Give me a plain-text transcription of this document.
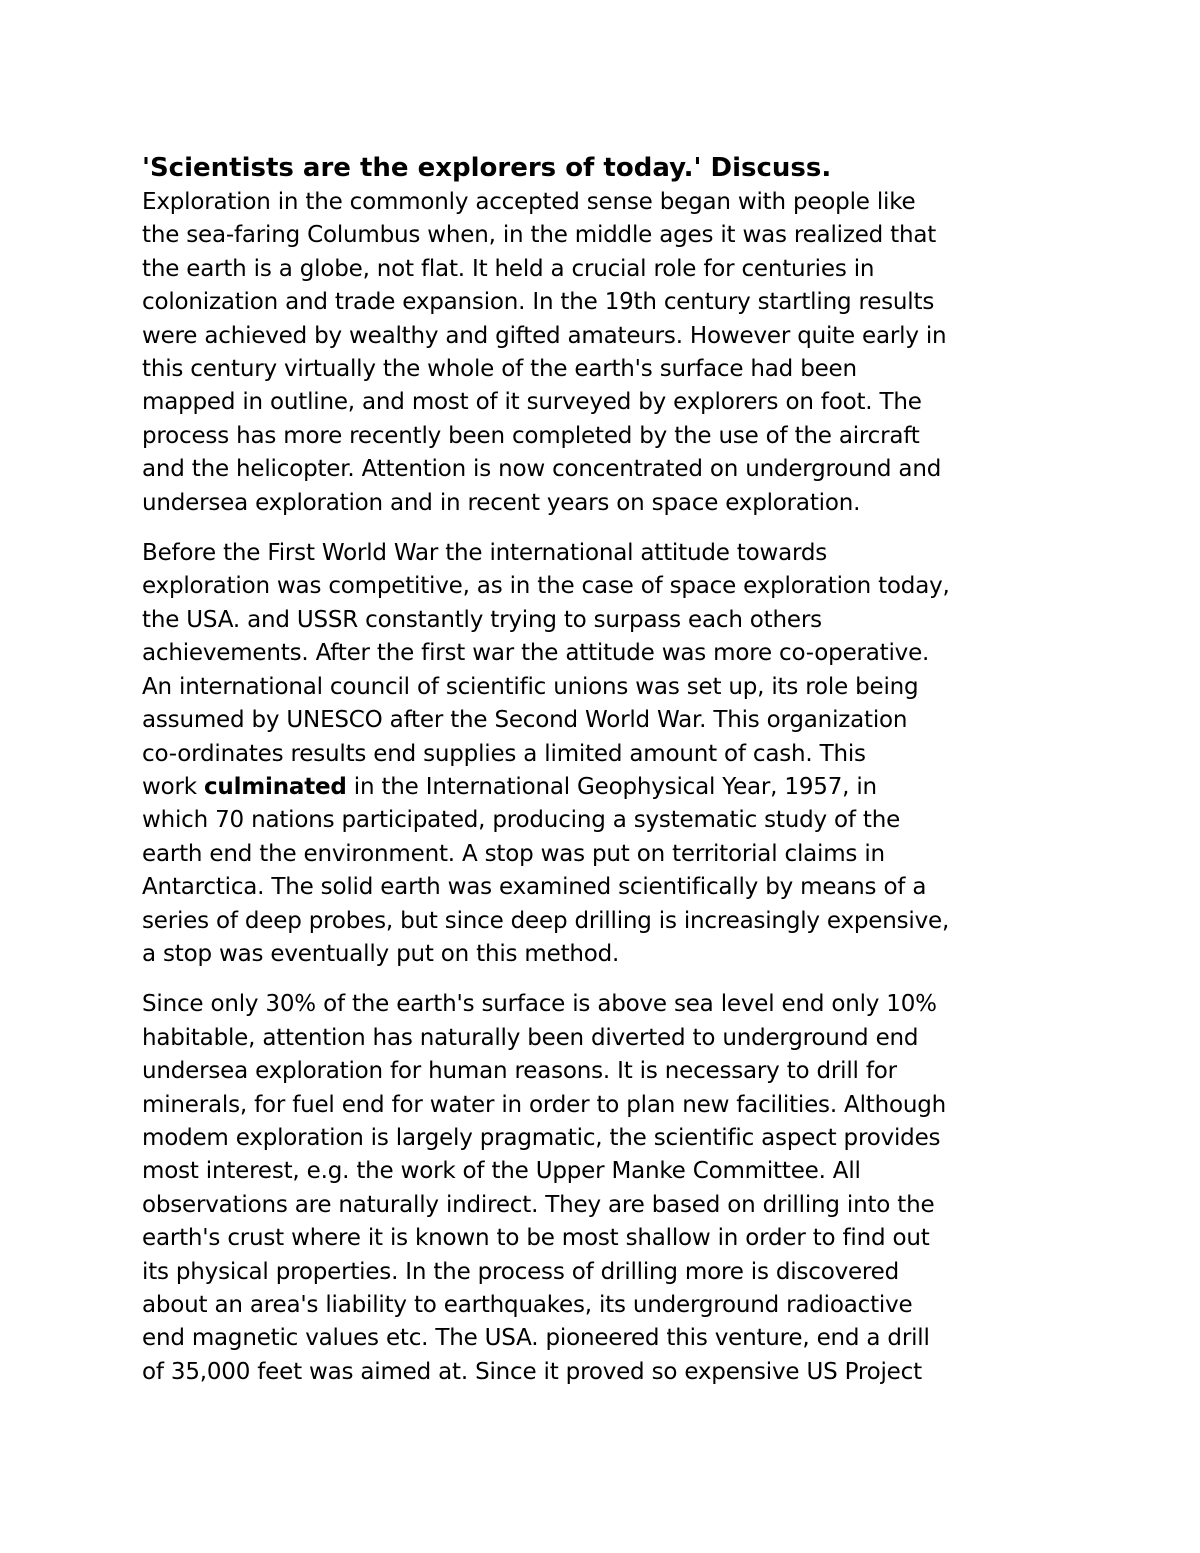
'Scientists are the explorers of today.' Discuss.
Exploration in the commonly accepted sense began with people like
the sea-faring Columbus when, in the middle ages it was realized that
the earth is a globe, not flat. It held a crucial role for centuries in
colonization and trade expansion. In the 19th century startling results
were achieved by wealthy and gifted amateurs. However quite early in
this century virtually the whole of the earth's surface had been
mapped in outline, and most of it surveyed by explorers on foot. The
process has more recently been completed by the use of the aircraft
and the helicopter. Attention is now concentrated on underground and
undersea exploration and in recent years on space exploration.
Before the First World War the international attitude towards
exploration was competitive, as in the case of space exploration today,
the USA. and USSR constantly trying to surpass each others
achievements. After the first war the attitude was more co-operative.
An international council of scientific unions was set up, its role being
assumed by UNESCO after the Second World War. This organization
co-ordinates results end supplies a limited amount of cash. This
work culminated in the International Geophysical Year, 1957, in
which 70 nations participated, producing a systematic study of the
earth end the environment. A stop was put on territorial claims in
Antarctica. The solid earth was examined scientifically by means of a
series of deep probes, but since deep drilling is increasingly expensive,
a stop was eventually put on this method.
Since only 30% of the earth's surface is above sea level end only 10%
habitable, attention has naturally been diverted to underground end
undersea exploration for human reasons. It is necessary to drill for
minerals, for fuel end for water in order to plan new facilities. Although
modem exploration is largely pragmatic, the scientific aspect provides
most interest, e.g. the work of the Upper Manke Committee. All
observations are naturally indirect. They are based on drilling into the
earth's crust where it is known to be most shallow in order to find out
its physical properties. In the process of drilling more is discovered
about an area's liability to earthquakes, its underground radioactive
end magnetic values etc. The USA. pioneered this venture, end a drill
of 35,000 feet was aimed at. Since it proved so expensive US Project
